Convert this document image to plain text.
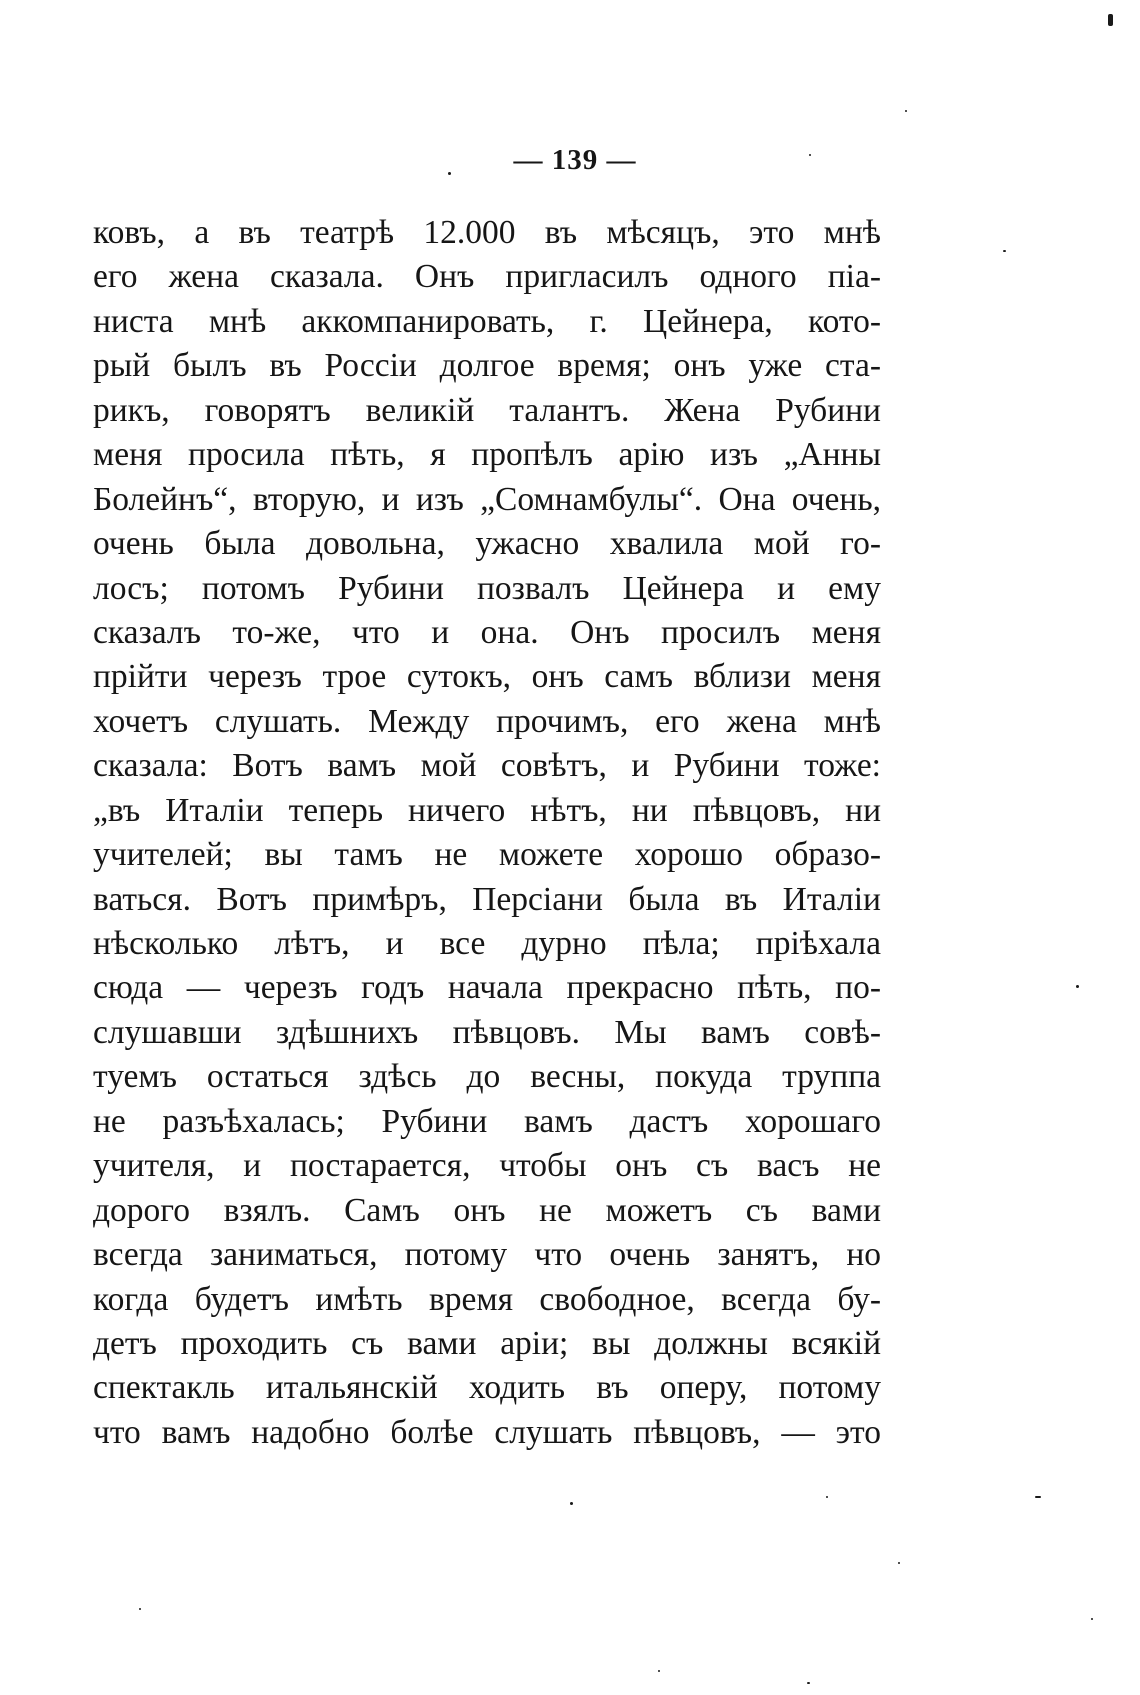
— 139 —
ковъ, а въ театрѣ 12.000 въ мѣсяцъ, это мнѣ
его жена сказала. Онъ пригласилъ одного піа-
ниста мнѣ аккомпанировать, г. Цейнера, кото-
рый былъ въ Россіи долгое время; онъ уже ста-
рикъ, говорятъ великій талантъ. Жена Рубини
меня просила пѣть, я пропѣлъ арію изъ „Анны
Болейнъ“, вторую, и изъ „Сомнамбулы“. Она очень,
очень была довольна, ужасно хвалила мой го-
лосъ; потомъ Рубини позвалъ Цейнера и ему
сказалъ то-же, что и она. Онъ просилъ меня
прійти черезъ трое сутокъ, онъ самъ вблизи меня
хочетъ слушать. Между прочимъ, его жена мнѣ
сказала: Вотъ вамъ мой совѣтъ, и Рубини тоже:
„въ Италіи теперь ничего нѣтъ, ни пѣвцовъ, ни
учителей; вы тамъ не можете хорошо образо-
ваться. Вотъ примѣръ, Персіани была въ Италіи
нѣсколько лѣтъ, и все дурно пѣла; пріѣхала
сюда — черезъ годъ начала прекрасно пѣть, по-
слушавши здѣшнихъ пѣвцовъ. Мы вамъ совѣ-
туемъ остаться здѣсь до весны, покуда труппа
не разъѣхалась; Рубини вамъ дастъ хорошаго
учителя, и постарается, чтобы онъ съ васъ не
дорого взялъ. Самъ онъ не можетъ съ вами
всегда заниматься, потому что очень занятъ, но
когда будетъ имѣть время свободное, всегда бу-
детъ проходить съ вами аріи; вы должны всякій
спектакль итальянскій ходить въ оперу, потому
что вамъ надобно болѣе слушать пѣвцовъ, — это
